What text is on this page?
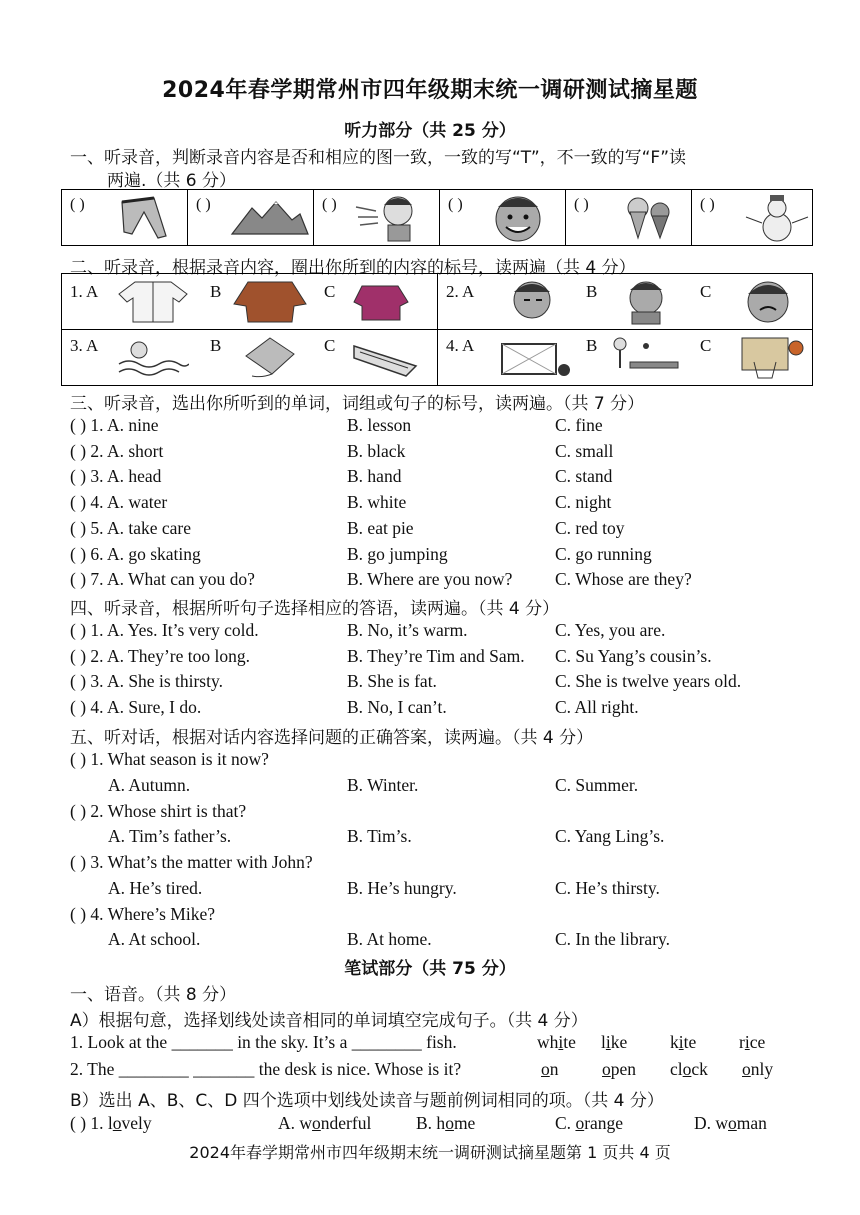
2024年春学期常州市四年级期末统一调研测试摘星题
听力部分（共 25 分）
一、听录音，判断录音内容是否和相应的图一致，一致的写“T”，不一致的写“F”读
两遍.（共 6 分）
( )	( )	( )	( )	( )	( )
二、听录音，根据录音内容，圈出你所到的内容的标号，读两遍（共 4 分）
1. A B C	2. A B C

3. A B C	4. A B C
三、听录音，选出你所听到的单词，词组或句子的标号，读两遍。（共 7 分）
( ) 1. A. nine	B. lesson	C. fine
( ) 2. A. short	B. black	C. small
( ) 3. A. head	B. hand	C. stand
( ) 4. A. water	B. white	C. night
( ) 5. A. take care	B. eat pie	C. red toy
( ) 6. A. go skating	B. go jumping	C. go running
( ) 7. A. What can you do?	B. Where are you now? C. Whose are they?
四、听录音，根据所听句子选择相应的答语，读两遍。（共 4 分）
( ) 1. A. Yes. It’s very cold.	B. No, it’s warm.	C. Yes, you are.
( ) 2. A. They’re too long.	B. They’re Tim and Sam. C. Su Yang’s cousin’s.
( ) 3. A. She is thirsty.	B. She is fat.	C. She is twelve years old.
( ) 4. A. Sure, I do.	B. No, I can’t.	C. All right.
五、听对话，根据对话内容选择问题的正确答案，读两遍。（共 4 分）
( ) 1. What season is it now?
A. Autumn.	B. Winter.	C. Summer.
( ) 2. Whose shirt is that?
A. Tim’s father’s.	B. Tim’s.	C. Yang Ling’s.
( ) 3. What’s the matter with John?
A. He’s tired.	B. He’s hungry.	C. He’s thirsty.
( ) 4. Where’s Mike?
A. At school.	B. At home.	C. In the library.
笔试部分（共 75 分）
一、语音。（共 8 分）
A）根据句意，选择划线处读音相同的单词填空完成句子。（共 4 分）
1. Look at the _______ in the sky. It’s a ________ fish.	white like kite rice
2. The ________ _______ the desk is nice. Whose is it?	on open clock only
B）选出 A、B、C、D 四个选项中划线处读音与题前例词相同的项。（共 4 分）
( ) 1. lovely	A. wonderful	B. home	C. orange	D. woman
2024年春学期常州市四年级期末统一调研测试摘星题第 1 页共 4 页
